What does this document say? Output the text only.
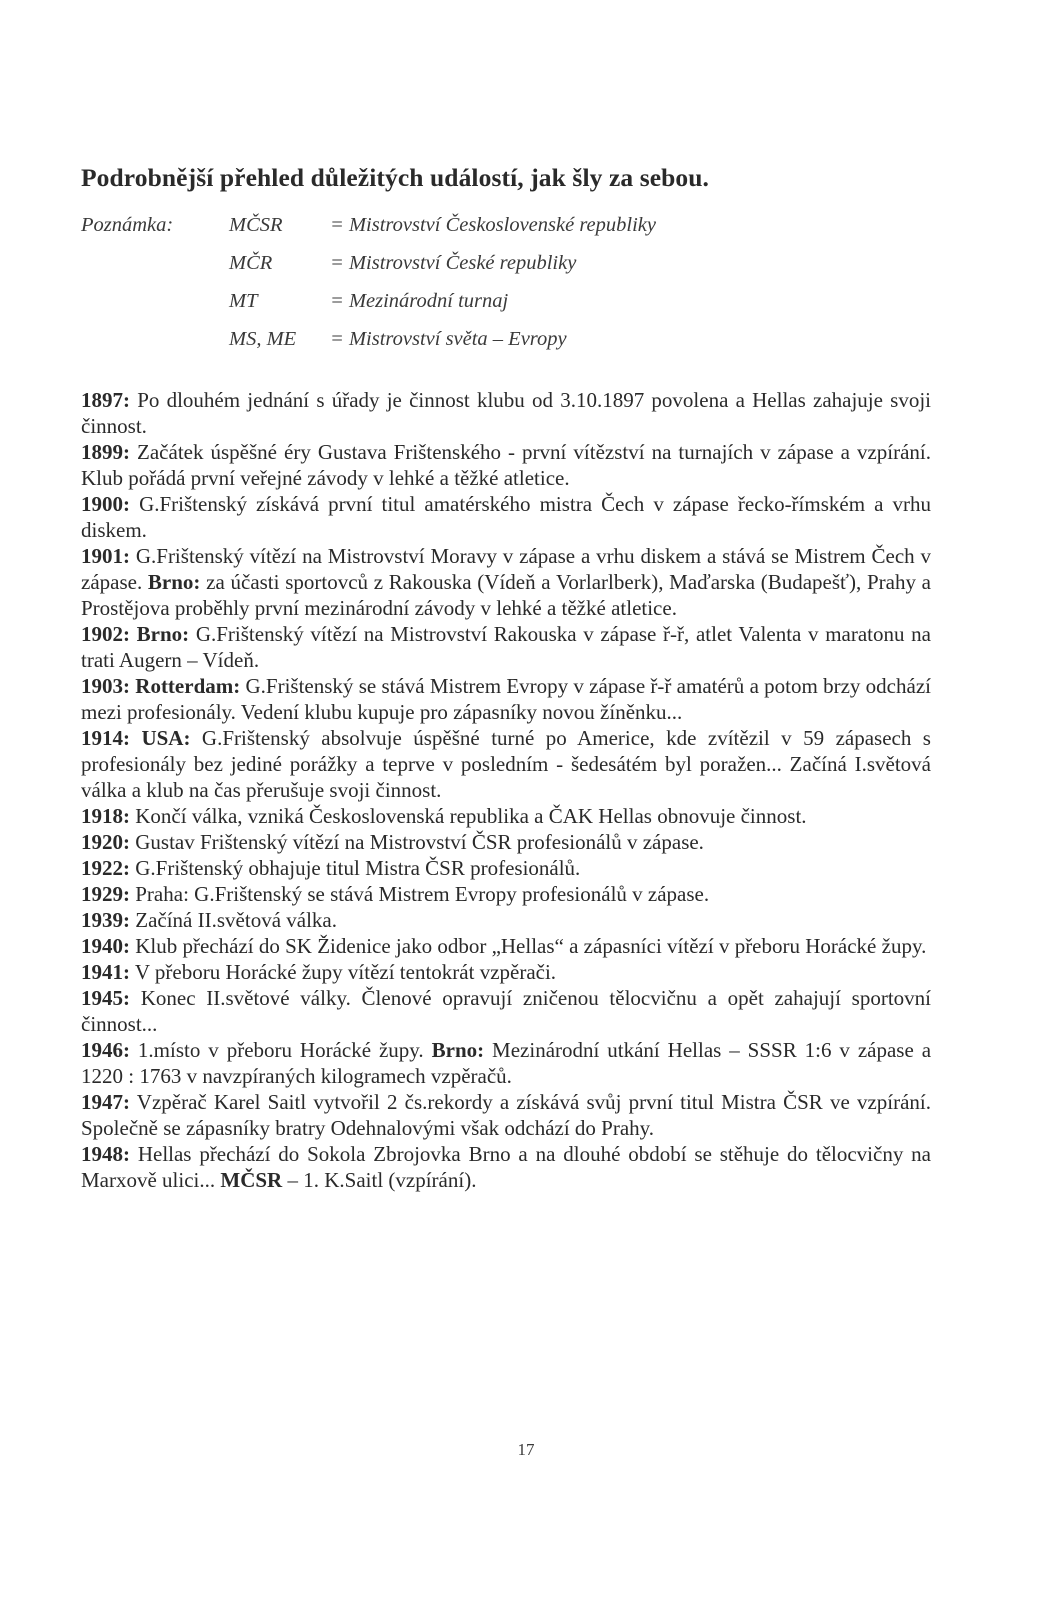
Podrobnější přehled důležitých událostí, jak šly za sebou.
Poznámka:	MČSR = Mistrovství Československé republiky
MČR	= Mistrovství České republiky
MT	= Mezinárodní turnaj
MS, ME = Mistrovství světa – Evropy

1897: Po dlouhém jednání s úřady je činnost klubu od 3.10.1897 povolena a Hellas zahajuje svoji činnost.

1899: Začátek úspěšné éry Gustava Frištenského - první vítězství na turnajích v zápase a vzpírání. Klub pořádá první veřejné závody v lehké a těžké atletice.

1900: G.Frištenský získává první titul amatérského mistra Čech v zápase řecko-římském a vrhu diskem.

1901: G.Frištenský vítězí na Mistrovství Moravy v zápase a vrhu diskem a stává se Mistrem Čech v zápase. Brno: za účasti sportovců z Rakouska (Vídeň a Vorlarlberk), Maďarska (Budapešť), Prahy a Prostějova proběhly první mezinárodní závody v lehké a těžké atletice.

1902: Brno: G.Frištenský vítězí na Mistrovství Rakouska v zápase ř-ř, atlet Valenta v maratonu na trati Augern – Vídeň.

1903: Rotterdam: G.Frištenský se stává Mistrem Evropy v zápase ř-ř amatérů a potom brzy odchází mezi profesionály. Vedení klubu kupuje pro zápasníky novou žíněnku...

1914: USA: G.Frištenský absolvuje úspěšné turné po Americe, kde zvítězil v 59 zápasech s profesionály bez jediné porážky a teprve v posledním - šedesátém byl poražen... Začíná I.světová válka a klub na čas přerušuje svoji činnost.

1918: Končí válka, vzniká Československá republika a ČAK Hellas obnovuje činnost.

1920: Gustav Frištenský vítězí na Mistrovství ČSR profesionálů v zápase.

1922: G.Frištenský obhajuje titul Mistra ČSR profesionálů.

1929: Praha: G.Frištenský se stává Mistrem Evropy profesionálů v zápase.

1939: Začíná II.světová válka.

1940: Klub přechází do SK Židenice jako odbor „Hellas“ a zápasníci vítězí v přeboru Horácké župy.

1941: V přeboru Horácké župy vítězí tentokrát vzpěrači.

1945: Konec II.světové války. Členové opravují zničenou tělocvičnu a opět zahajují sportovní činnost...

1946: 1.místo v přeboru Horácké župy. Brno: Mezinárodní utkání Hellas – SSSR 1:6 v zápase a 1220 : 1763 v navzpíraných kilogramech vzpěračů.

1947: Vzpěrač Karel Saitl vytvořil 2 čs.rekordy a získává svůj první titul Mistra ČSR ve vzpírání. Společně se zápasníky bratry Odehnalovými však odchází do Prahy.

1948: Hellas přechází do Sokola Zbrojovka Brno a na dlouhé období se stěhuje do tělocvičny na Marxově ulici... MČSR – 1. K.Saitl (vzpírání).

17
